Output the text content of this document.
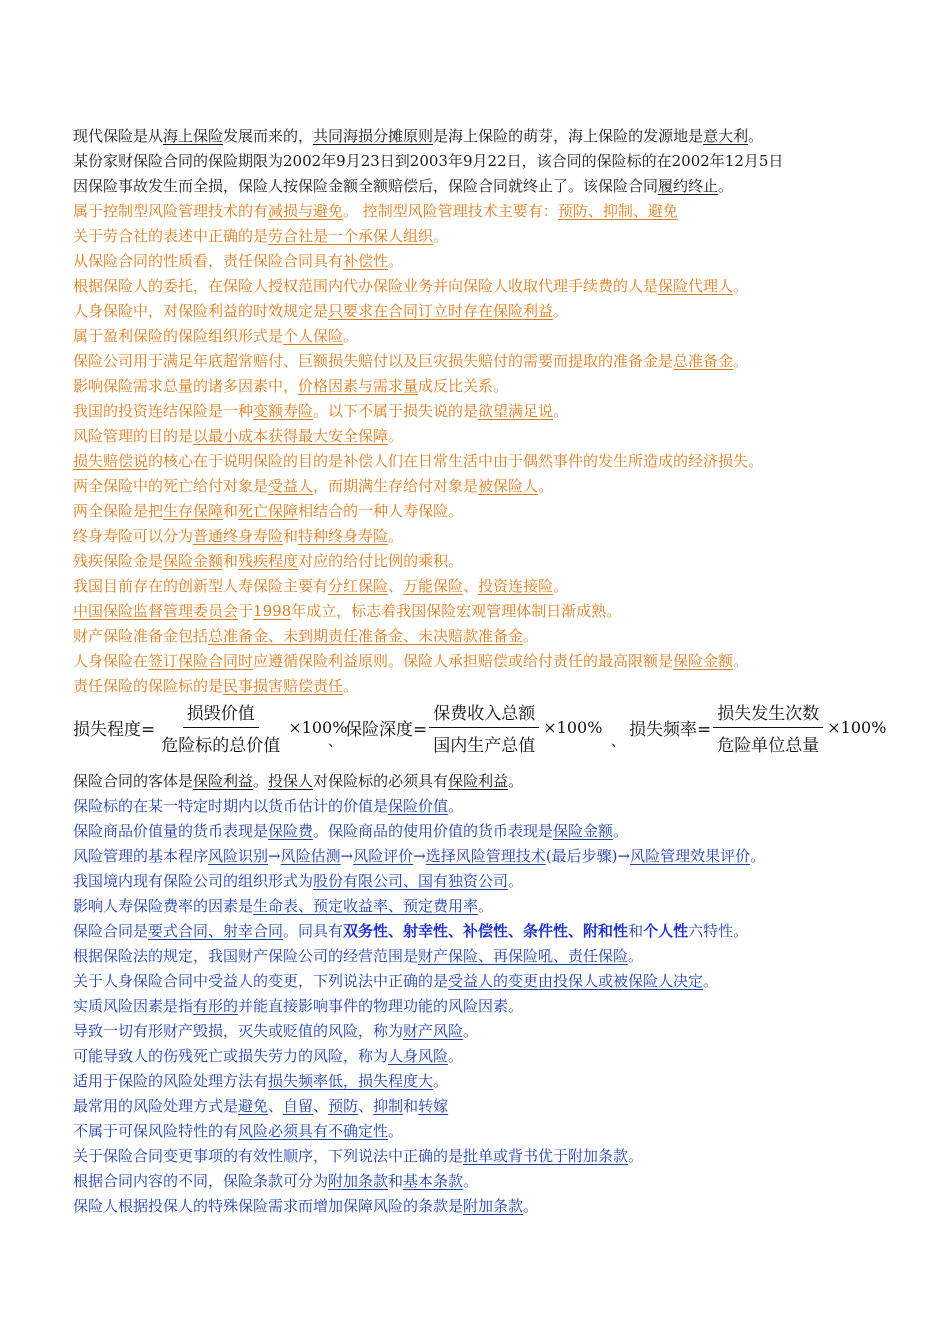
现代保险是从海上保险发展而来的，共同海损分摊原则是海上保险的萌芽，海上保险的发源地是意大利。
某份家财保险合同的保险期限为2002年9月23日到2003年9月22日，该合同的保险标的在2002年12月5日
因保险事故发生而全损，保险人按保险金额全额赔偿后，保险合同就终止了。该保险合同履约终止。
属于控制型风险管理技术的有减损与避免。 控制型风险管理技术主要有：预防、抑制、避免
关于劳合社的表述中正确的是劳合社是一个承保人组织。
从保险合同的性质看，责任保险合同具有补偿性。
根据保险人的委托，在保险人授权范围内代办保险业务并向保险人收取代理手续费的人是保险代理人。
人身保险中，对保险利益的时效规定是只要求在合同订立时存在保险利益。
属于盈利保险的保险组织形式是个人保险。
保险公司用于满足年底超常赔付、巨额损失赔付以及巨灾损失赔付的需要而提取的准备金是总准备金。
影响保险需求总量的诸多因素中，价格因素与需求量成反比关系。
我国的投资连结保险是一种变额寿险。以下不属于损失说的是欲望满足说。
风险管理的目的是以最小成本获得最大安全保障。
损失赔偿说的核心在于说明保险的目的是补偿人们在日常生活中由于偶然事件的发生所造成的经济损失。
两全保险中的死亡给付对象是受益人，而期满生存给付对象是被保险人。
两全保险是把生存保障和死亡保障相结合的一种人寿保险。
终身寿险可以分为普通终身寿险和特种终身寿险。
残疾保险金是保险金额和残疾程度对应的给付比例的乘积。
我国目前存在的创新型人寿保险主要有分红保险、万能保险、投资连接险。
中国保险监督管理委员会于1998年成立，标志着我国保险宏观管理体制日渐成熟。
财产保险准备金包括总准备金、未到期责任准备金、未决赔款准备金。
人身保险在签订保险合同时应遵循保险利益原则。保险人承担赔偿或给付责任的最高限额是保险金额。
责任保险的保险标的是民事损害赔偿责任。
损失程度= $\frac{\text{损毁价值}}{\text{危险标的总价值}} \times 100\%$
、
保险深度= $\frac{\text{保费收入总额}}{\text{国内生产总值}} \times 100\%$
、
损失频率= $\frac{\text{损失发生次数}}{\text{危险单位总量}} \times 100\%$
保险合同的客体是保险利益。投保人对保险标的必须具有保险利益。
保险标的在某一特定时期内以货币估计的价值是保险价值。
保险商品价值量的货币表现是保险费。保险商品的使用价值的货币表现是保险金额。
风险管理的基本程序风险识别→风险估测→风险评价→选择风险管理技术(最后步骤)→风险管理效果评价。
我国境内现有保险公司的组织形式为股份有限公司、国有独资公司。
影响人寿保险费率的因素是生命表、预定收益率、预定费用率。
保险合同是要式合同、射幸合同。同具有双务性、射幸性、补偿性、条件性、附和性和个人性六特性。
根据保险法的规定，我国财产保险公司的经营范围是财产保险、再保险吼、责任保险。
关于人身保险合同中受益人的变更，下列说法中正确的是受益人的变更由投保人或被保险人决定。
实质风险因素是指有形的并能直接影响事件的物理功能的风险因素。
导致一切有形财产毁损，灭失或贬值的风险，称为财产风险。
可能导致人的伤残死亡或损失劳力的风险，称为人身风险。
适用于保险的风险处理方法有损失频率低，损失程度大。
最常用的风险处理方式是避免、自留、预防、抑制和转嫁
不属于可保风险特性的有风险必须具有不确定性。
关于保险合同变更事项的有效性顺序，下列说法中正确的是批单或背书优于附加条款。
根据合同内容的不同，保险条款可分为附加条款和基本条款。
保险人根据投保人的特殊保险需求而增加保障风险的条款是附加条款。
